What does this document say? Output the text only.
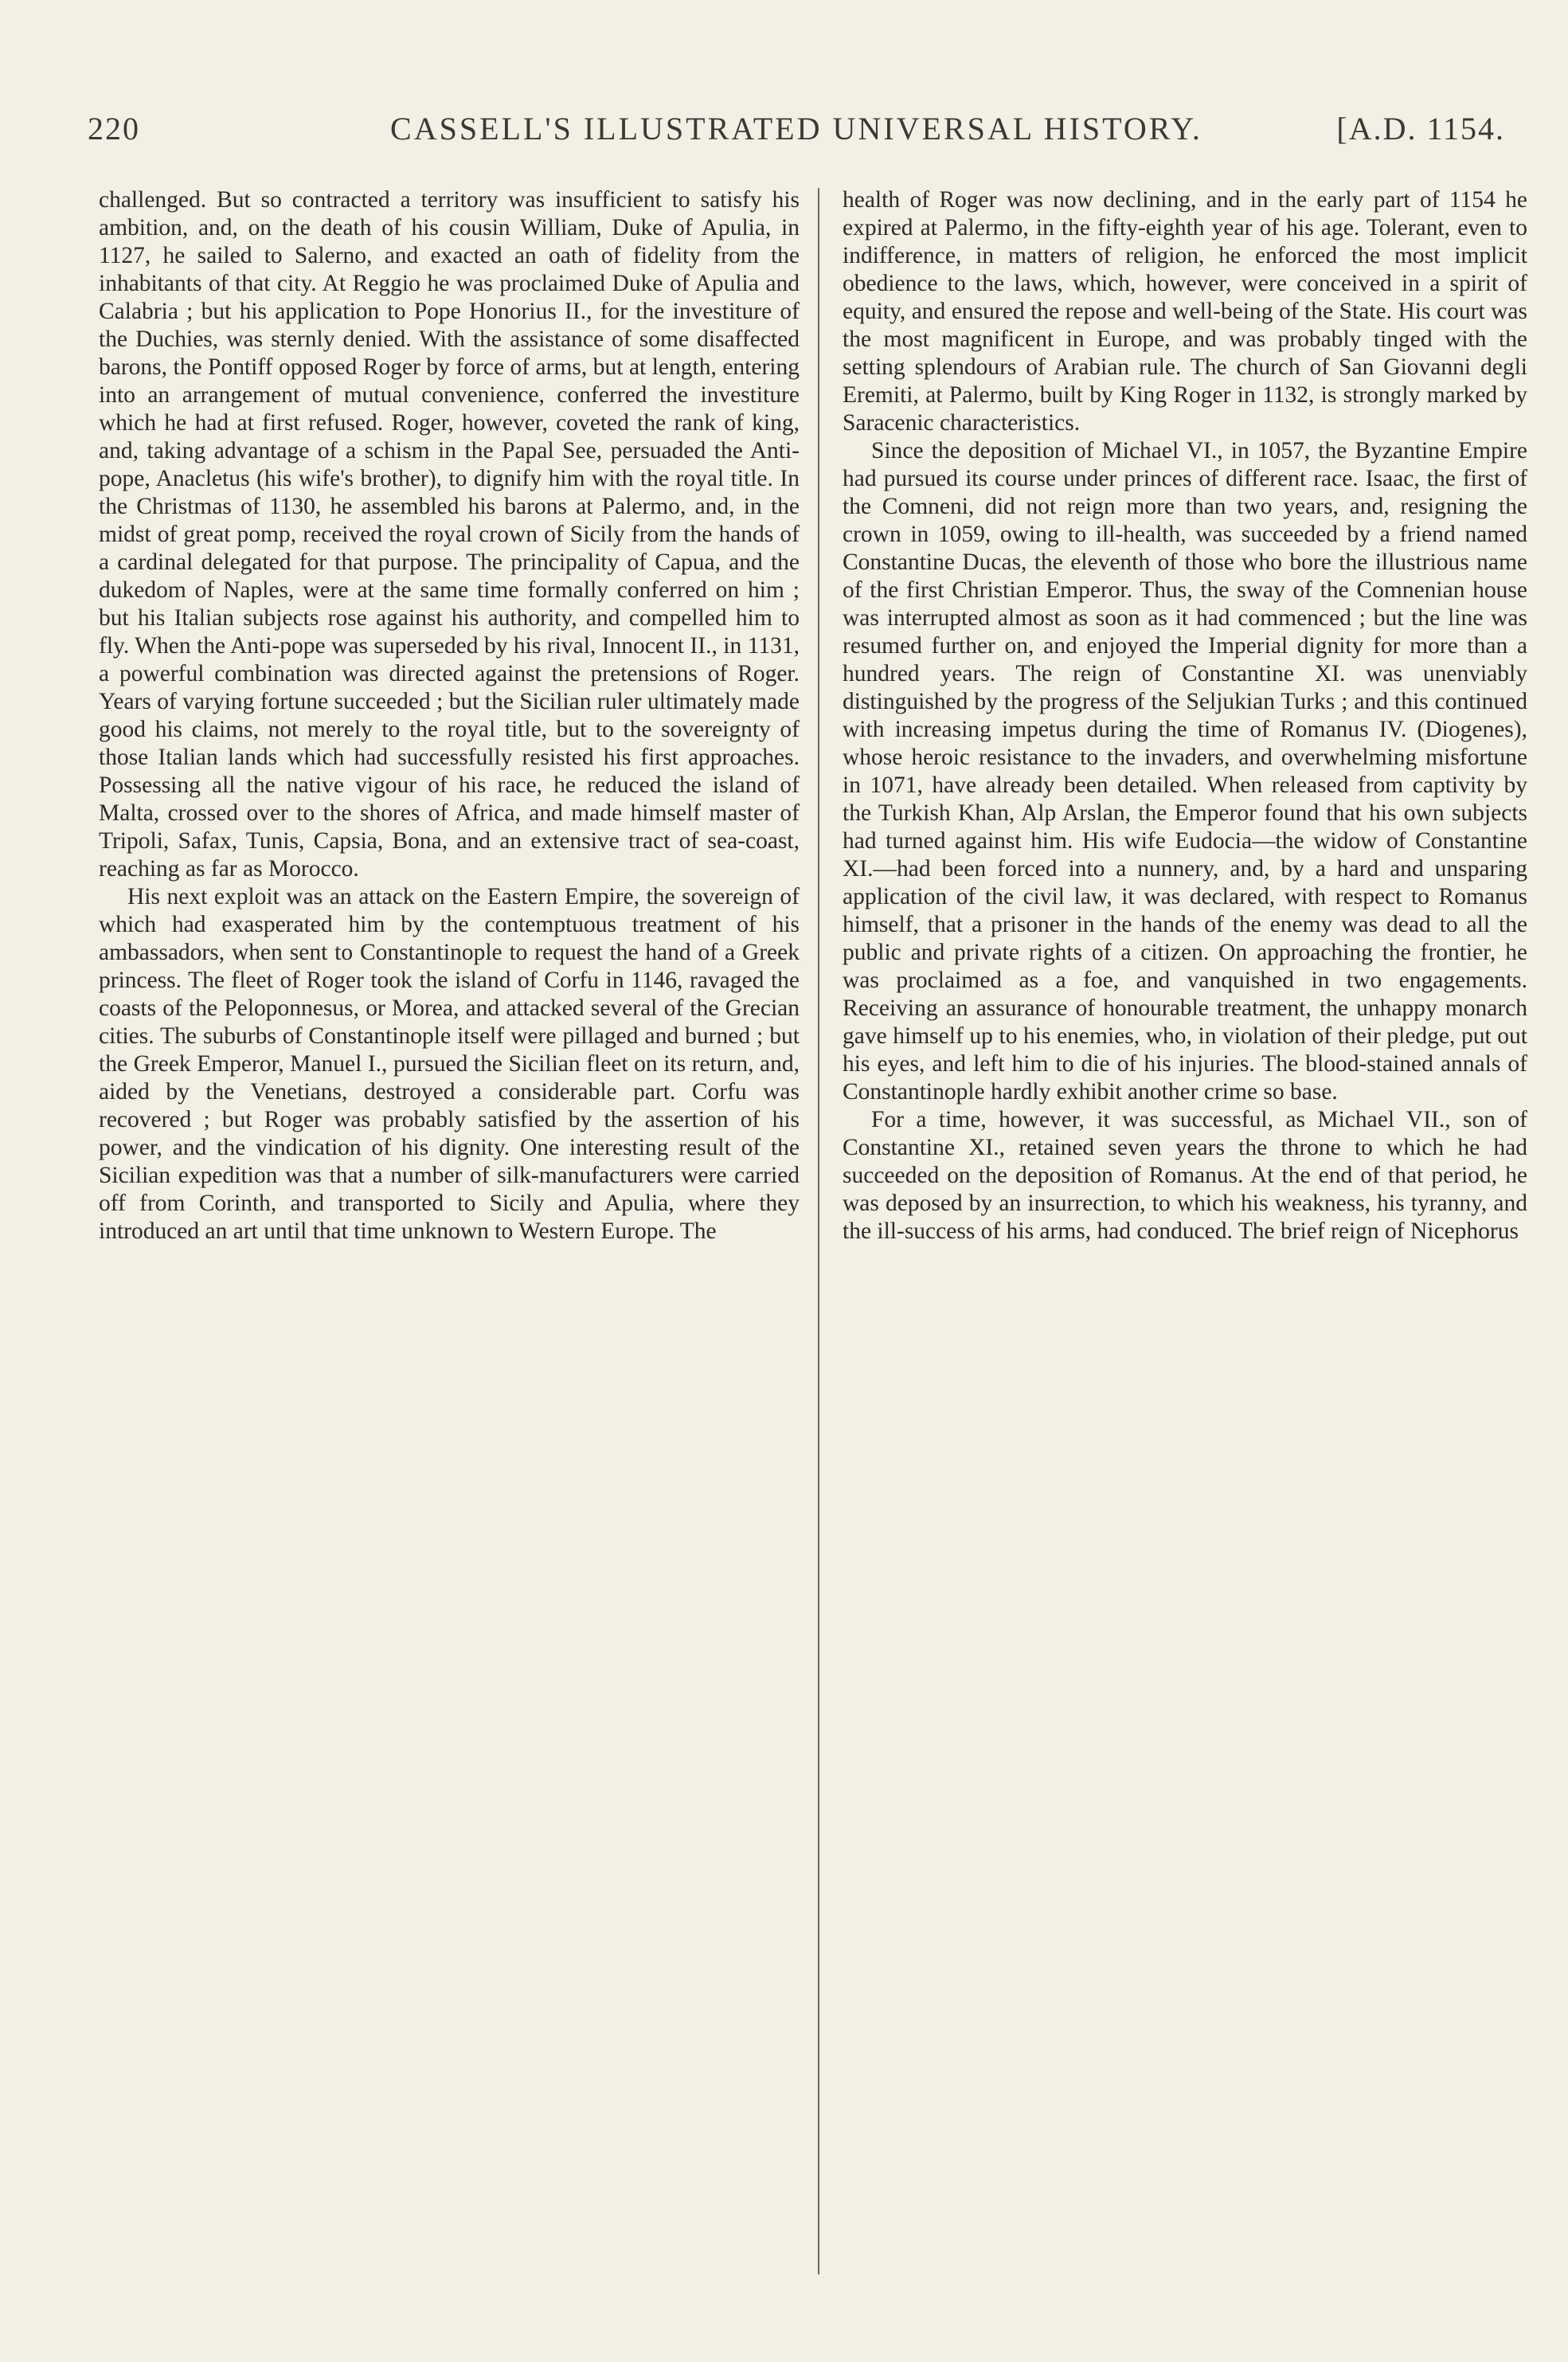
220	CASSELL'S ILLUSTRATED UNIVERSAL HISTORY.	[A.D. 1154.

challenged. But so contracted a territory was insufficient to satisfy his ambition, and, on the death of his cousin William, Duke of Apulia, in 1127, he sailed to Salerno, and exacted an oath of fidelity from the inhabitants of that city. At Reggio he was proclaimed Duke of Apulia and Calabria ; but his application to Pope Honorius II., for the investiture of the Duchies, was sternly denied. With the assistance of some disaffected barons, the Pontiff opposed Roger by force of arms, but at length, entering into an arrangement of mutual convenience, conferred the investiture which he had at first refused. Roger, however, coveted the rank of king, and, taking advantage of a schism in the Papal See, persuaded the Anti-pope, Anacletus (his wife's brother), to dignify him with the royal title. In the Christmas of 1130, he assembled his barons at Palermo, and, in the midst of great pomp, received the royal crown of Sicily from the hands of a cardinal delegated for that purpose. The principality of Capua, and the dukedom of Naples, were at the same time formally conferred on him ; but his Italian subjects rose against his authority, and compelled him to fly. When the Anti-pope was superseded by his rival, Innocent II., in 1131, a powerful combination was directed against the pretensions of Roger. Years of varying fortune succeeded ; but the Sicilian ruler ultimately made good his claims, not merely to the royal title, but to the sovereignty of those Italian lands which had successfully resisted his first approaches. Possessing all the native vigour of his race, he reduced the island of Malta, crossed over to the shores of Africa, and made himself master of Tripoli, Safax, Tunis, Capsia, Bona, and an extensive tract of sea-coast, reaching as far as Morocco.

His next exploit was an attack on the Eastern Empire, the sovereign of which had exasperated him by the contemptuous treatment of his ambassadors, when sent to Constantinople to request the hand of a Greek princess. The fleet of Roger took the island of Corfu in 1146, ravaged the coasts of the Peloponnesus, or Morea, and attacked several of the Grecian cities. The suburbs of Constantinople itself were pillaged and burned ; but the Greek Emperor, Manuel I., pursued the Sicilian fleet on its return, and, aided by the Venetians, destroyed a considerable part. Corfu was recovered ; but Roger was probably satisfied by the assertion of his power, and the vindication of his dignity. One interesting result of the Sicilian expedition was that a number of silk-manufacturers were carried off from Corinth, and transported to Sicily and Apulia, where they introduced an art until that time unknown to Western Europe. The

health of Roger was now declining, and in the early part of 1154 he expired at Palermo, in the fifty-eighth year of his age. Tolerant, even to indifference, in matters of religion, he enforced the most implicit obedience to the laws, which, however, were conceived in a spirit of equity, and ensured the repose and well-being of the State. His court was the most magnificent in Europe, and was probably tinged with the setting splendours of Arabian rule. The church of San Giovanni degli Eremiti, at Palermo, built by King Roger in 1132, is strongly marked by Saracenic characteristics.

Since the deposition of Michael VI., in 1057, the Byzantine Empire had pursued its course under princes of different race. Isaac, the first of the Comneni, did not reign more than two years, and, resigning the crown in 1059, owing to ill-health, was succeeded by a friend named Constantine Ducas, the eleventh of those who bore the illustrious name of the first Christian Emperor. Thus, the sway of the Comnenian house was interrupted almost as soon as it had commenced ; but the line was resumed further on, and enjoyed the Imperial dignity for more than a hundred years. The reign of Constantine XI. was unenviably distinguished by the progress of the Seljukian Turks ; and this continued with increasing impetus during the time of Romanus IV. (Diogenes), whose heroic resistance to the invaders, and overwhelming misfortune in 1071, have already been detailed. When released from captivity by the Turkish Khan, Alp Arslan, the Emperor found that his own subjects had turned against him. His wife Eudocia—the widow of Constantine XI.—had been forced into a nunnery, and, by a hard and unsparing application of the civil law, it was declared, with respect to Romanus himself, that a prisoner in the hands of the enemy was dead to all the public and private rights of a citizen. On approaching the frontier, he was proclaimed as a foe, and vanquished in two engagements. Receiving an assurance of honourable treatment, the unhappy monarch gave himself up to his enemies, who, in violation of their pledge, put out his eyes, and left him to die of his injuries. The blood-stained annals of Constantinople hardly exhibit another crime so base.

For a time, however, it was successful, as Michael VII., son of Constantine XI., retained seven years the throne to which he had succeeded on the deposition of Romanus. At the end of that period, he was deposed by an insurrection, to which his weakness, his tyranny, and the ill-success of his arms, had conduced. The brief reign of Nicephorus
